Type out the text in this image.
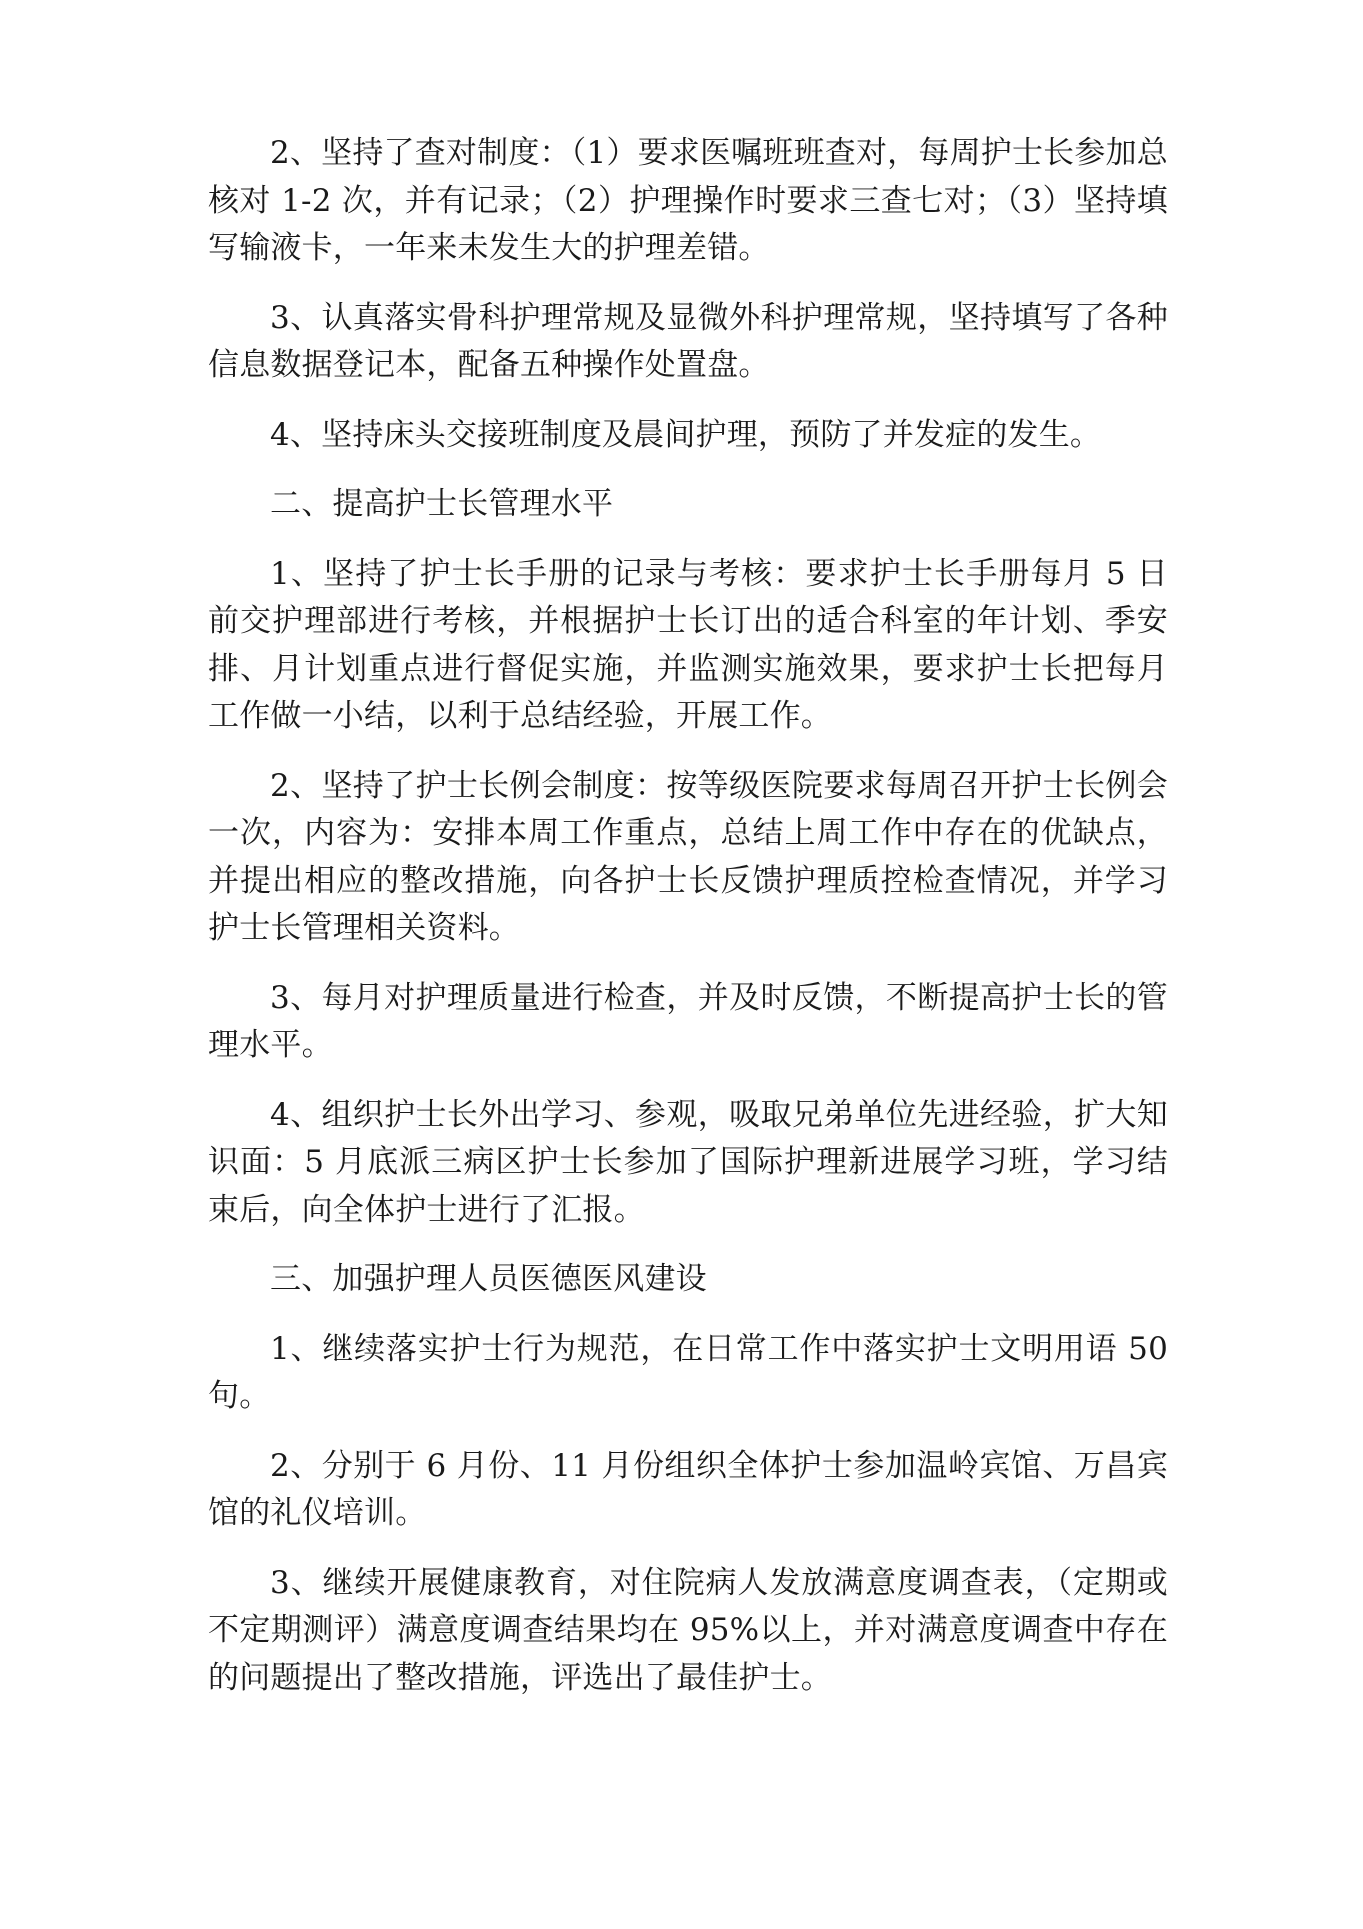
2、坚持了查对制度：（1）要求医嘱班班查对，每周护士长参加总核对 1-2 次，并有记录；（2）护理操作时要求三查七对；（3）坚持填写输液卡，一年来未发生大的护理差错。

3、认真落实骨科护理常规及显微外科护理常规，坚持填写了各种信息数据登记本，配备五种操作处置盘。

4、坚持床头交接班制度及晨间护理，预防了并发症的发生。

二、提高护士长管理水平

1、坚持了护士长手册的记录与考核：要求护士长手册每月 5 日前交护理部进行考核，并根据护士长订出的适合科室的年计划、季安排、月计划重点进行督促实施，并监测实施效果，要求护士长把每月工作做一小结，以利于总结经验，开展工作。

2、坚持了护士长例会制度：按等级医院要求每周召开护士长例会一次，内容为：安排本周工作重点，总结上周工作中存在的优缺点，并提出相应的整改措施，向各护士长反馈护理质控检查情况，并学习护士长管理相关资料。

3、每月对护理质量进行检查，并及时反馈，不断提高护士长的管理水平。

4、组织护士长外出学习、参观，吸取兄弟单位先进经验，扩大知识面：5 月底派三病区护士长参加了国际护理新进展学习班，学习结束后，向全体护士进行了汇报。

三、加强护理人员医德医风建设

1、继续落实护士行为规范，在日常工作中落实护士文明用语 50 句。

2、分别于 6 月份、11 月份组织全体护士参加温岭宾馆、万昌宾馆的礼仪培训。

3、继续开展健康教育，对住院病人发放满意度调查表，（定期或不定期测评）满意度调查结果均在 95%以上，并对满意度调查中存在的问题提出了整改措施，评选出了最佳护士。
